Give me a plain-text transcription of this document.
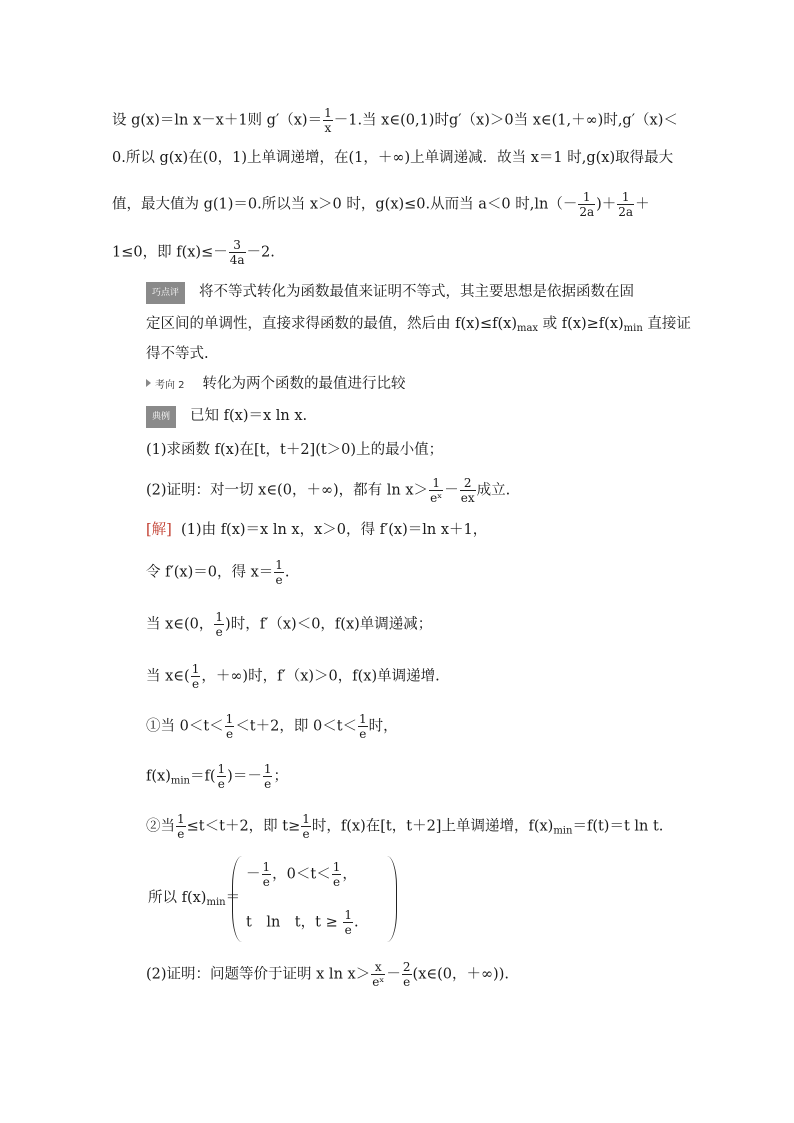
设 g(x)＝ln x－x＋1则 $g'(x)= \frac{1}{x} -1$.当 x∈(0,1)时g′（x)＞0当 x∈(1,＋∞)时,g′（x)＜
0.所以 g(x)在(0，1)上单调递增，在(1，＋∞)上单调递减．故当 x＝1 时,g(x)取得最大
值，最大值为 g(1)＝0.所以当 x＞0 时，g(x)≤0.从而当 a＜0 时$,\ln(- \frac{1}{2a}$ )＋ $\frac{1}{2a}$ ＋
1≤0，即 $f(x)\le- \frac{3}{4a} -2$.
巧点评 将不等式转化为函数最值来证明不等式，其主要思想是依据函数在固
定区间的单调性，直接求得函数的最值，然后由 $f(x)\le f(x)_{max}$ 或 $f(x)\ge f(x)_{min}$ 直接证
得不等式.
考向 2 转化为两个函数的最值进行比较
典例 已知 f(x)＝x ln x.
(1)求函数 f(x)在[t，t＋2](t＞0)上的最小值；
(2)证明：对一切 x∈(0，＋∞)，都有 $\ln x> \frac{1}{\text{eˣ}} - \frac{2}{ex}$ 成立.
[解] (1)由 f(x)＝x ln x，x＞0，得 f′(x)＝ln x＋1，
令 f′(x)＝0，得 $x= \frac{1}{e}$ .
当 x∈(0， $\frac{1}{e}$ )时，f′（x)＜0，f(x)单调递减；
当 x∈( $\frac{1}{e}$ ，＋∞)时，f′（x)＞0，f(x)单调递增.
①当 $0<t< \frac{1}{e} <t+2$，即 $0<t< \frac{1}{e}$ 时，
$f(x)_{min}=f( \frac{1}{e}$ )＝－ $\frac{1}{e}$ ；
②当 $\frac{1}{e} \le t<t+2$，即 $t\ge \frac{1}{e}$ 时，f(x)在[t，t＋2]上单调递增，$f(x)_{min}=f(t)=t$ ln t.
所以 $f(x)_{min}=$
－ $\frac{1}{e}$ ，$0<t< \frac{1}{e}$ ，
t　ln　t，$t \ge \frac{1}{e}$ .
(2)证明：问题等价于证明 x $\ln x> \frac{x}{\text{eˣ}} - \frac{2}{e}$ (x∈(0，＋∞)).
